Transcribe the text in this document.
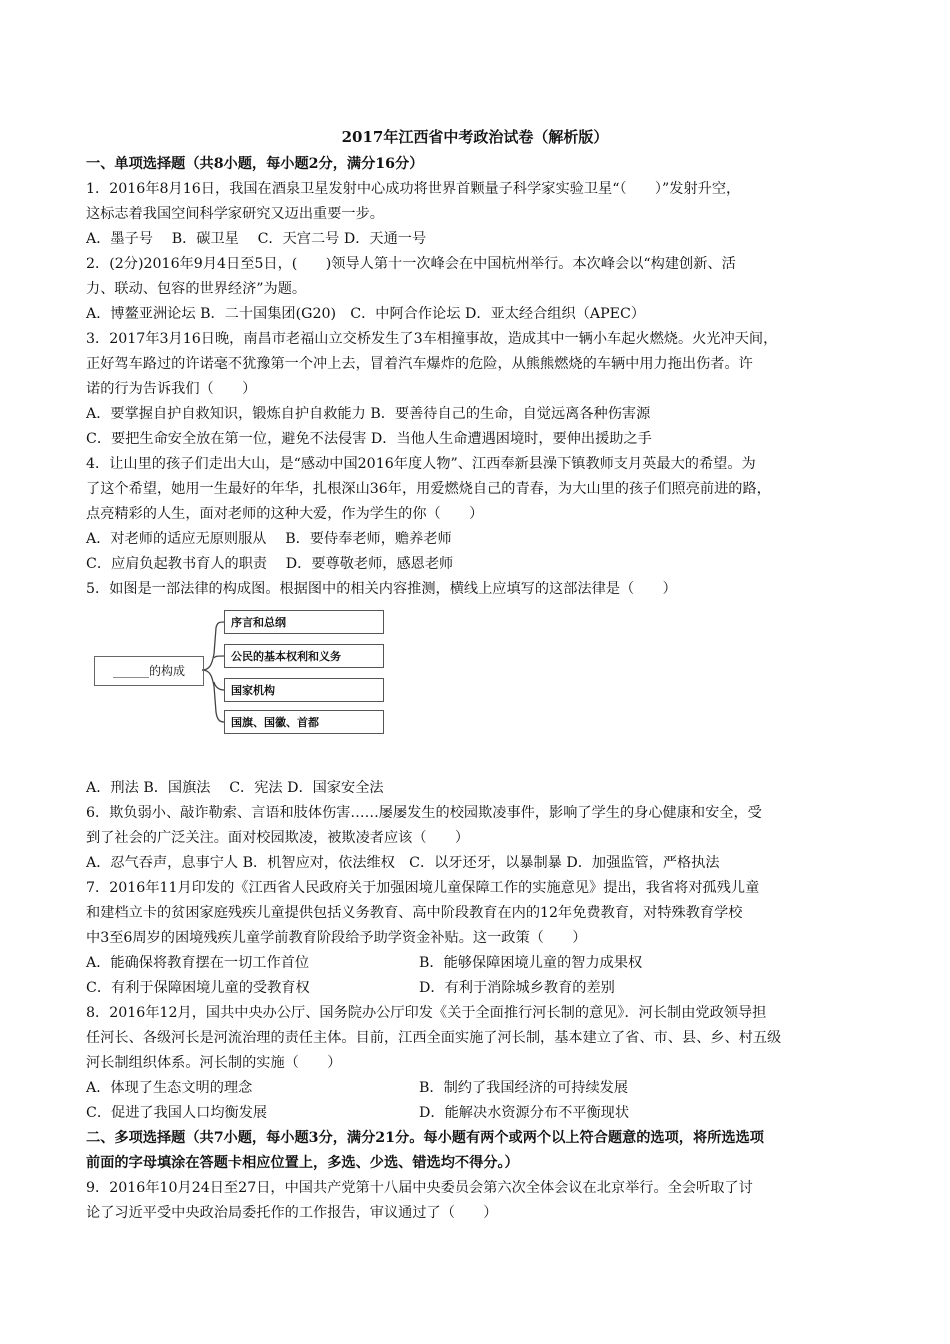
2017年江西省中考政治试卷（解析版）
一、单项选择题（共8小题，每小题2分，满分16分）
1．2016年8月16日，我国在酒泉卫星发射中心成功将世界首颗量子科学家实验卫星“（　　）”发射升空，
这标志着我国空间科学家研究又迈出重要一步。
A．墨子号　 B．碳卫星　 C．天宫二号 D．天通一号
2．(2分)2016年9月4日至5日，(　　)领导人第十一次峰会在中国杭州举行。本次峰会以“构建创新、活
力、联动、包容的世界经济”为题。
A．博鳌亚洲论坛 B．二十国集团(G20)　C．中阿合作论坛 D．亚太经合组织（APEC）
3．2017年3月16日晚，南昌市老福山立交桥发生了3车相撞事故，造成其中一辆小车起火燃烧。火光冲天间，
正好驾车路过的许诺毫不犹豫第一个冲上去，冒着汽车爆炸的危险，从熊熊燃烧的车辆中用力拖出伤者。许
诺的行为告诉我们（　　）
A．要掌握自护自救知识，锻炼自护自救能力 B．要善待自己的生命，自觉远离各种伤害源
C．要把生命安全放在第一位，避免不法侵害 D．当他人生命遭遇困境时，要伸出援助之手
4．让山里的孩子们走出大山，是“感动中国2016年度人物”、江西奉新县澡下镇教师支月英最大的希望。为
了这个希望，她用一生最好的年华，扎根深山36年，用爱燃烧自己的青春，为大山里的孩子们照亮前进的路，
点亮精彩的人生，面对老师的这种大爱，作为学生的你（　　）
A．对老师的适应无原则服从　 B．要侍奉老师，赡养老师
C．应肩负起教书育人的职责　 D．要尊敬老师，感恩老师
5．如图是一部法律的构成图。根据图中的相关内容推测，横线上应填写的这部法律是（　　）
______的构成
序言和总纲
公民的基本权利和义务
国家机构
国旗、国徽、首都
A．刑法 B．国旗法　 C．宪法 D．国家安全法
6．欺负弱小、敲诈勒索、言语和肢体伤害……屡屡发生的校园欺凌事件，影响了学生的身心健康和安全，受
到了社会的广泛关注。面对校园欺凌，被欺凌者应该（　　）
A．忍气吞声，息事宁人 B．机智应对，依法维权　C．以牙还牙，以暴制暴 D．加强监管，严格执法
7．2016年11月印发的《江西省人民政府关于加强困境儿童保障工作的实施意见》提出，我省将对孤残儿童
和建档立卡的贫困家庭残疾儿童提供包括义务教育、高中阶段教育在内的12年免费教育，对特殊教育学校
中3至6周岁的困境残疾儿童学前教育阶段给予助学资金补贴。这一政策（　　）
A．能确保将教育摆在一切工作首位	B．能够保障困境儿童的智力成果权
C．有利于保障困境儿童的受教育权	D．有利于消除城乡教育的差别
8．2016年12月，国共中央办公厅、国务院办公厅印发《关于全面推行河长制的意见》．河长制由党政领导担
任河长、各级河长是河流治理的责任主体。目前，江西全面实施了河长制，基本建立了省、市、县、乡、村五级
河长制组织体系。河长制的实施（　　）
A．体现了生态文明的理念	B．制约了我国经济的可持续发展
C．促进了我国人口均衡发展	D．能解决水资源分布不平衡现状
二、多项选择题（共7小题，每小题3分，满分21分。每小题有两个或两个以上符合题意的选项，将所选选项
前面的字母填涂在答题卡相应位置上，多选、少选、错选均不得分。）
9．2016年10月24日至27日，中国共产党第十八届中央委员会第六次全体会议在北京举行。全会听取了讨
论了习近平受中央政治局委托作的工作报告，审议通过了（　　）
